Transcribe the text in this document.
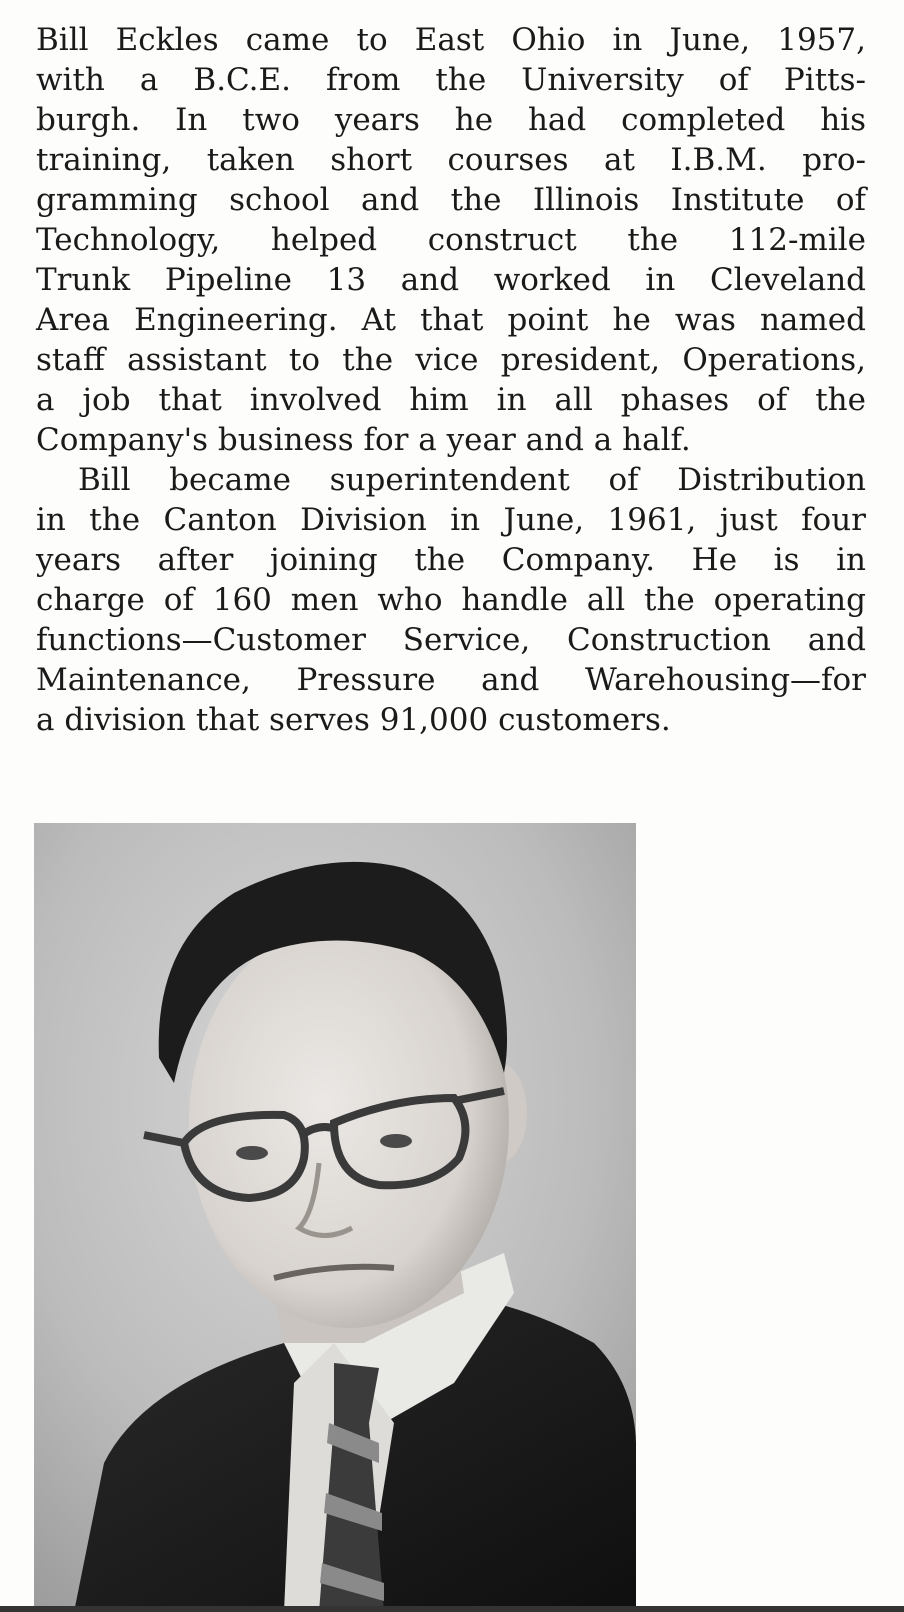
Bill Eckles came to East Ohio in June, 1957,
with a B.C.E. from the University of Pitts-
burgh. In two years he had completed his
training, taken short courses at I.B.M. pro-
gramming school and the Illinois Institute of
Technology, helped construct the 112-mile
Trunk Pipeline 13 and worked in Cleveland
Area Engineering. At that point he was named
staff assistant to the vice president, Operations,
a job that involved him in all phases of the
Company's business for a year and a half.
Bill became superintendent of Distribution
in the Canton Division in June, 1961, just four
years after joining the Company. He is in
charge of 160 men who handle all the operating
functions—Customer Service, Construction and
Maintenance, Pressure and Warehousing—for
a division that serves 91,000 customers.
